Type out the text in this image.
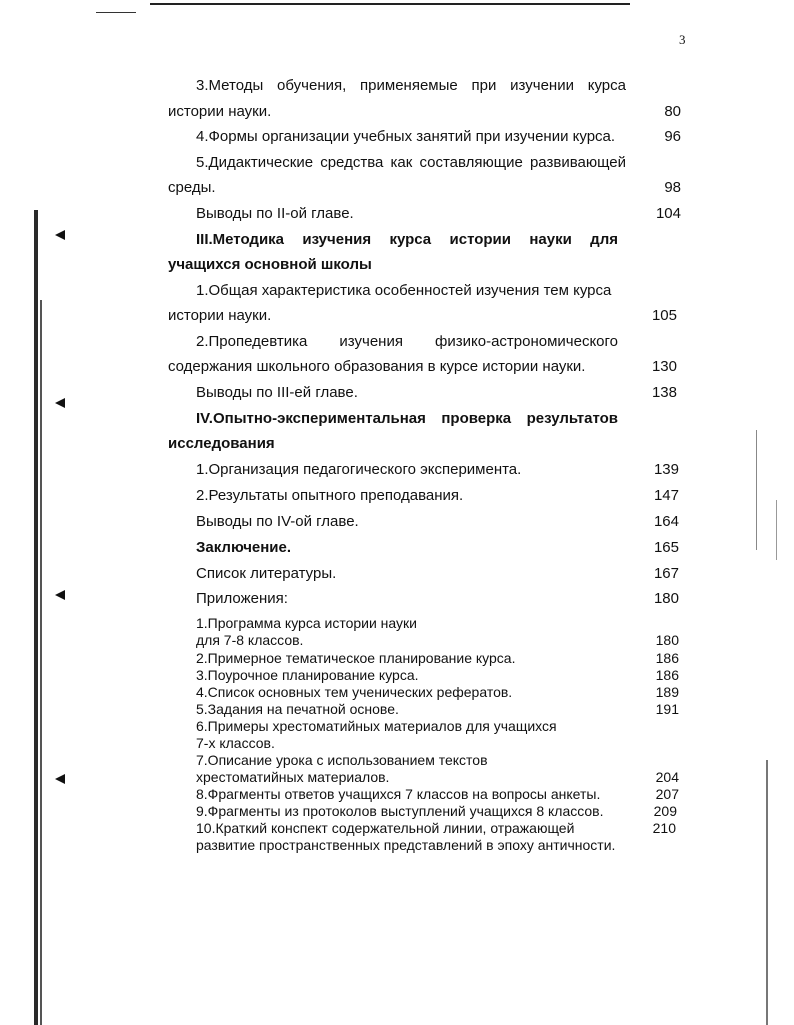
3
3.Методы обучения, применяемые при изучении курса
истории науки.	80
4.Формы организации учебных занятий при изучении курса.	96
5.Дидактические средства как составляющие развивающей
среды.	98
Выводы по II-ой главе.	104
III.Методика изучения курса истории науки для
учащихся основной школы
1.Общая характеристика особенностей изучения тем курса
истории науки.	105
2.Пропедевтика изучения физико-астрономического
содержания школьного образования в курсе истории науки.	130
Выводы по III-ей главе.	138
IV.Опытно-экспериментальная проверка результатов
исследования
1.Организация педагогического эксперимента.	139
2.Результаты опытного преподавания.	147
Выводы по IV-ой главе.	164
Заключение.	165
Список литературы.	167
Приложения:	180
1.Программа курса истории науки
для 7-8 классов.	180
2.Примерное тематическое планирование курса.	186
3.Поурочное планирование курса.	186
4.Список основных тем ученических рефератов.	189
5.Задания на печатной основе.	191
6.Примеры хрестоматийных материалов для учащихся
7-х классов.
7.Описание урока с использованием текстов
хрестоматийных материалов.	204
8.Фрагменты ответов учащихся 7 классов на вопросы анкеты.	207
9.Фрагменты из протоколов выступлений учащихся 8 классов.	209
10.Краткий конспект содержательной линии, отражающей	210
развитие пространственных представлений в эпоху античности.
